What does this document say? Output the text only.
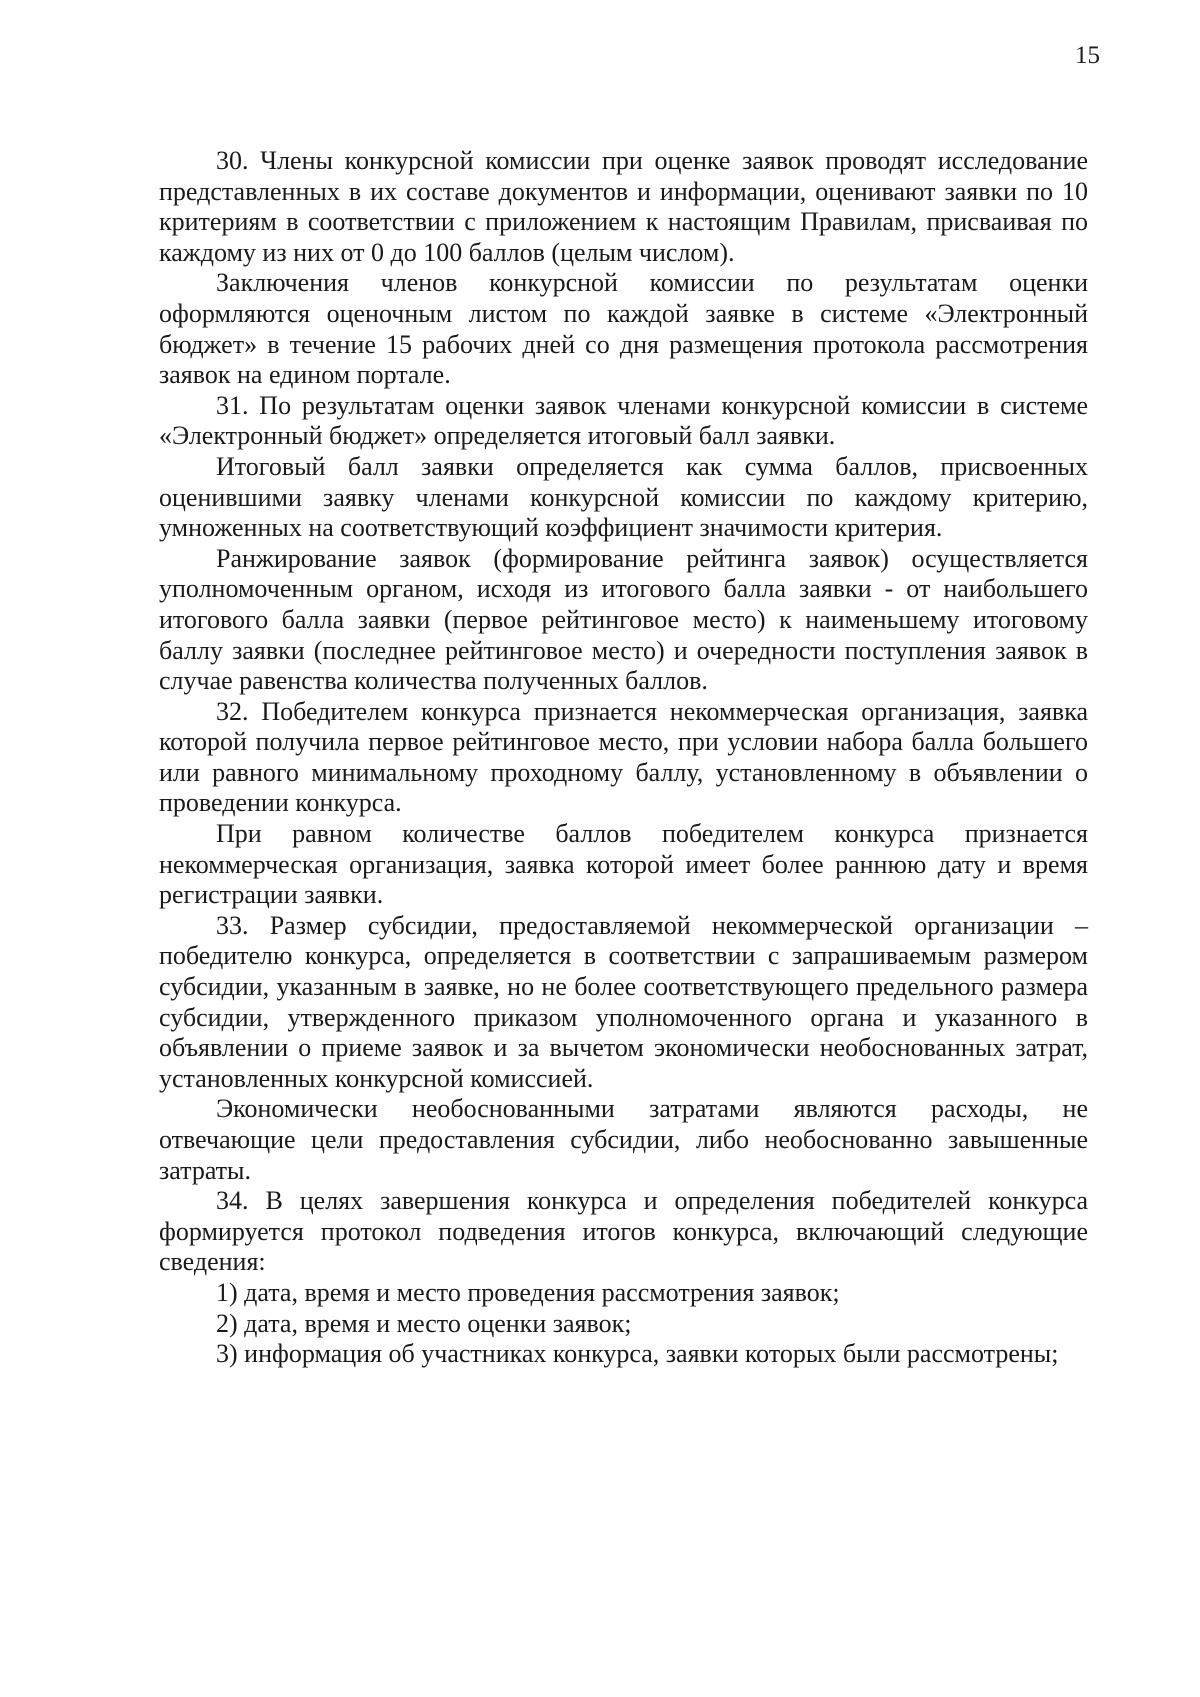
15

30. Члены конкурсной комиссии при оценке заявок проводят исследование представленных в их составе документов и информации, оценивают заявки по 10 критериям в соответствии с приложением к настоящим Правилам, присваивая по каждому из них от 0 до 100 баллов (целым числом).

Заключения членов конкурсной комиссии по результатам оценки оформляются оценочным листом по каждой заявке в системе «Электронный бюджет» в течение 15 рабочих дней со дня размещения протокола рассмотрения заявок на едином портале.

31. По результатам оценки заявок членами конкурсной комиссии в системе «Электронный бюджет» определяется итоговый балл заявки.

Итоговый балл заявки определяется как сумма баллов, присвоенных оценившими заявку членами конкурсной комиссии по каждому критерию, умноженных на соответствующий коэффициент значимости критерия.

Ранжирование заявок (формирование рейтинга заявок) осуществляется уполномоченным органом, исходя из итогового балла заявки - от наибольшего итогового балла заявки (первое рейтинговое место) к наименьшему итоговому баллу заявки (последнее рейтинговое место) и очередности поступления заявок в случае равенства количества полученных баллов.

32. Победителем конкурса признается некоммерческая организация, заявка которой получила первое рейтинговое место, при условии набора балла большего или равного минимальному проходному баллу, установленному в объявлении о проведении конкурса.

При равном количестве баллов победителем конкурса признается некоммерческая организация, заявка которой имеет более раннюю дату и время регистрации заявки.

33. Размер субсидии, предоставляемой некоммерческой организации – победителю конкурса, определяется в соответствии с запрашиваемым размером субсидии, указанным в заявке, но не более соответствующего предельного размера субсидии, утвержденного приказом уполномоченного органа и указанного в объявлении о приеме заявок и за вычетом экономически необоснованных затрат, установленных конкурсной комиссией.

Экономически необоснованными затратами являются расходы, не отвечающие цели предоставления субсидии, либо необоснованно завышенные затраты.

34. В целях завершения конкурса и определения победителей конкурса формируется протокол подведения итогов конкурса, включающий следующие сведения:

1) дата, время и место проведения рассмотрения заявок;

2) дата, время и место оценки заявок;

3) информация об участниках конкурса, заявки которых были рассмотрены;
